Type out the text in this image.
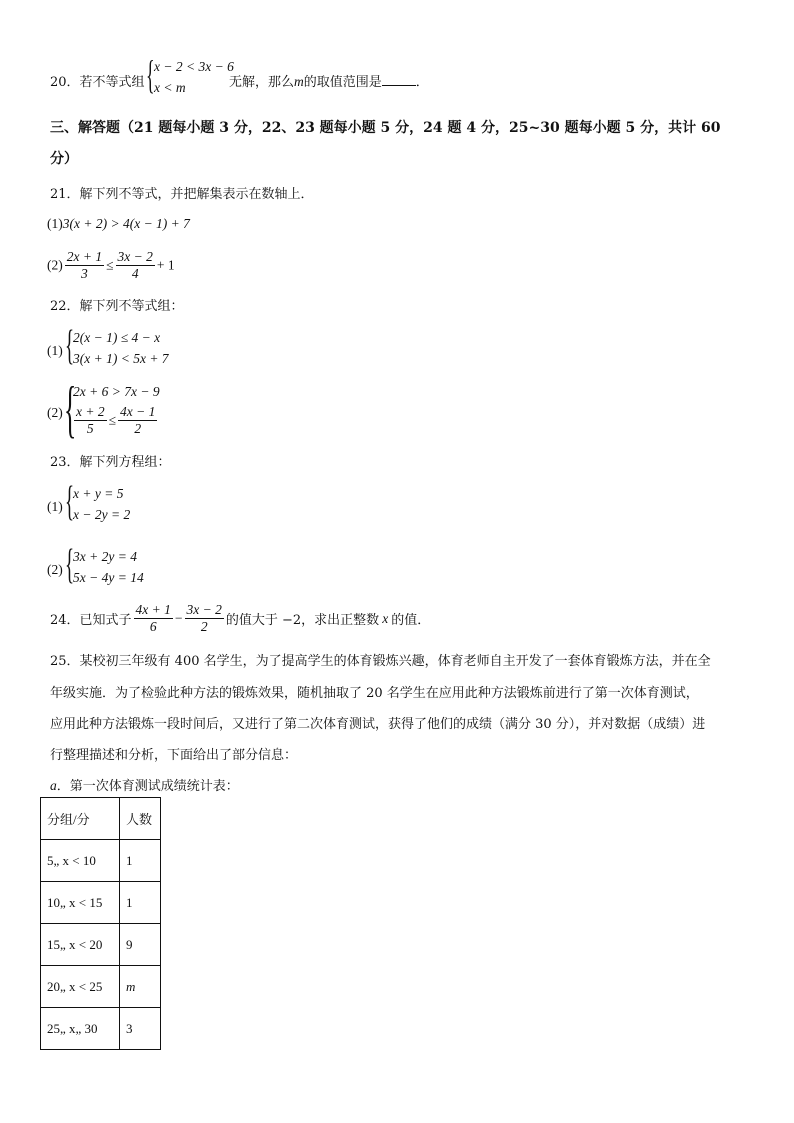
20．若不等式组 { x − 2 < 3x − 6
x < m	无解，那么m的取值范围是	．
三、解答题（21 题每小题 3 分，22、23 题每小题 5 分，24 题 4 分，25~30 题每小题 5 分，共计 60
分）
21．解下列不等式，并把解集表示在数轴上．
(1)3(x + 2) > 4(x − 1) + 7
$(2) \frac{2x + 1}{3} \le \frac{3x - 2}{4} + 1$
22．解下列不等式组：
(1) {
2(x − 1) ≤ 4 − x
3(x + 1) < 5x + 7
(2) {
2x + 6 > 7x − 9
$\frac{x + 2}{5} \le \frac{4x - 1}{2}$
23．解下列方程组：
(1) {
x + y = 5
x − 2y = 2
(2) {
3x + 2y = 4
5x − 4y = 14
24．已知式子 $\frac{4x + 1}{6} - \frac{3x - 2}{2}$ 的值大于 −2，求出正整数 x 的值．
25．某校初三年级有 400 名学生，为了提高学生的体育锻炼兴趣，体育老师自主开发了一套体育锻炼方法，并在全
年级实施．为了检验此种方法的锻炼效果，随机抽取了 20 名学生在应用此种方法锻炼前进行了第一次体育测试，
应用此种方法锻炼一段时间后，又进行了第二次体育测试，获得了他们的成绩（满分 30 分），并对数据（成绩）进
行整理描述和分析，下面给出了部分信息：
a．第一次体育测试成绩统计表：
分组/分	人数
5„ x < 10	1
10„ x < 15	1
15„ x < 20	9
20„ x < 25	m
25„ x„ 30	3
